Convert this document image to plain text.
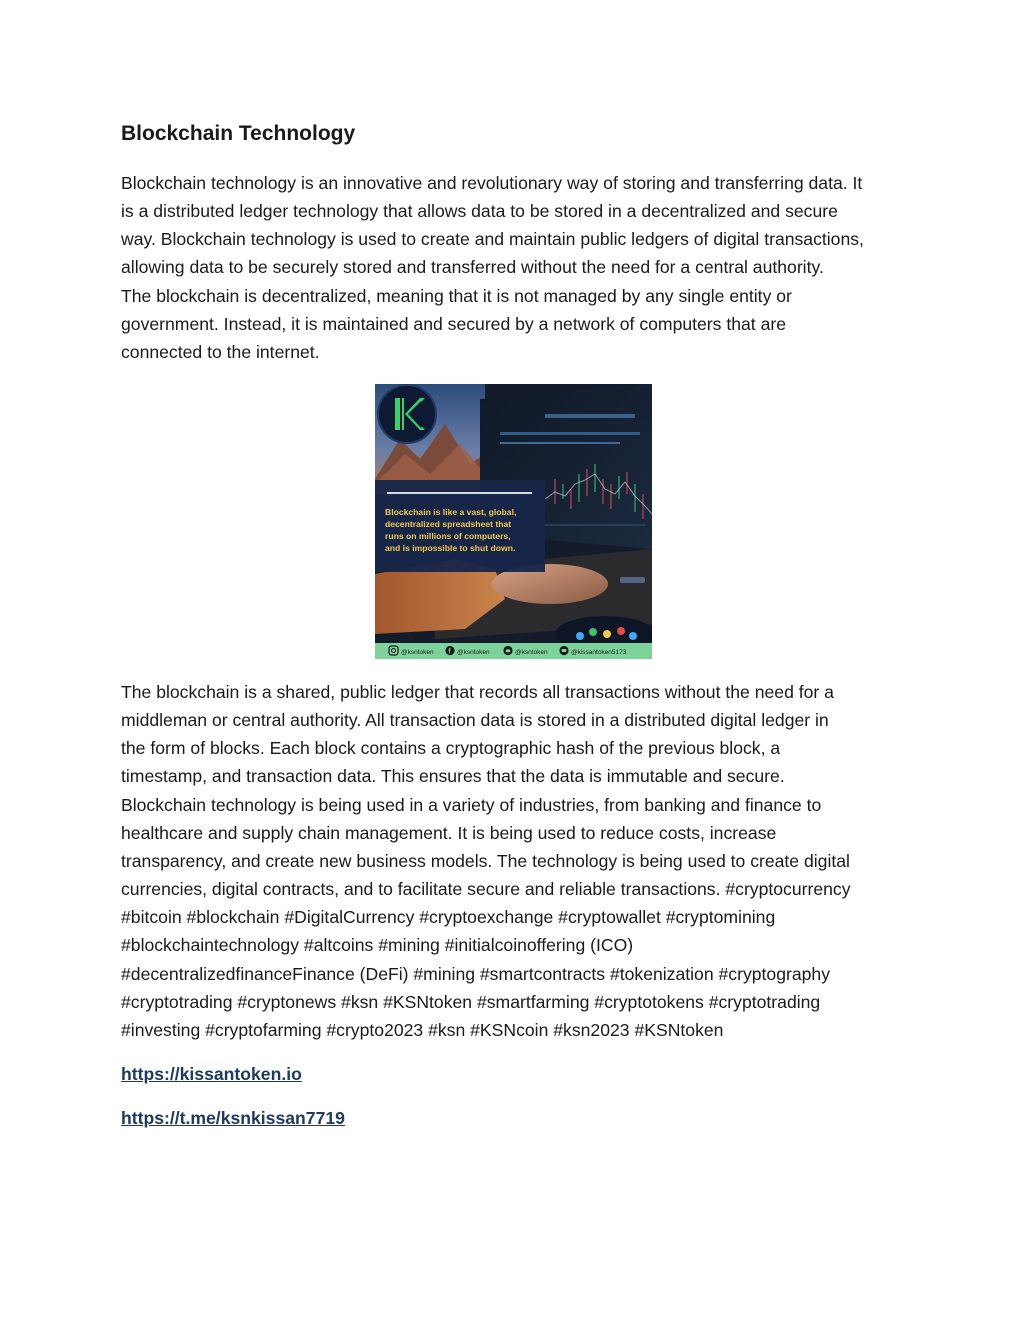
Blockchain Technology

Blockchain technology is an innovative and revolutionary way of storing and transferring data. It
is a distributed ledger technology that allows data to be stored in a decentralized and secure
way. Blockchain technology is used to create and maintain public ledgers of digital transactions,
allowing data to be securely stored and transferred without the need for a central authority.
The blockchain is decentralized, meaning that it is not managed by any single entity or
government. Instead, it is maintained and secured by a network of computers that are
connected to the internet.

The blockchain is a shared, public ledger that records all transactions without the need for a
middleman or central authority. All transaction data is stored in a distributed digital ledger in
the form of blocks. Each block contains a cryptographic hash of the previous block, a
timestamp, and transaction data. This ensures that the data is immutable and secure.
Blockchain technology is being used in a variety of industries, from banking and finance to
healthcare and supply chain management. It is being used to reduce costs, increase
transparency, and create new business models. The technology is being used to create digital
currencies, digital contracts, and to facilitate secure and reliable transactions. #cryptocurrency
#bitcoin #blockchain #DigitalCurrency #cryptoexchange #cryptowallet #cryptomining
#blockchaintechnology #altcoins #mining #initialcoinoffering (ICO)
#decentralizedfinanceFinance (DeFi) #mining #smartcontracts #tokenization #cryptography
#cryptotrading #cryptonews #ksn #KSNtoken #smartfarming #cryptotokens #cryptotrading
#investing #cryptofarming #crypto2023 #ksn #KSNcoin #ksn2023 #KSNtoken

https://kissantoken.io
https://t.me/ksnkissan7719
Blockchain is like a vast, global,
decentralized spreadsheet that
runs on millions of computers,
and is impossible to shut down.
@ksntoken f @ksntoken	@ksntoken	@kissantoken5173
